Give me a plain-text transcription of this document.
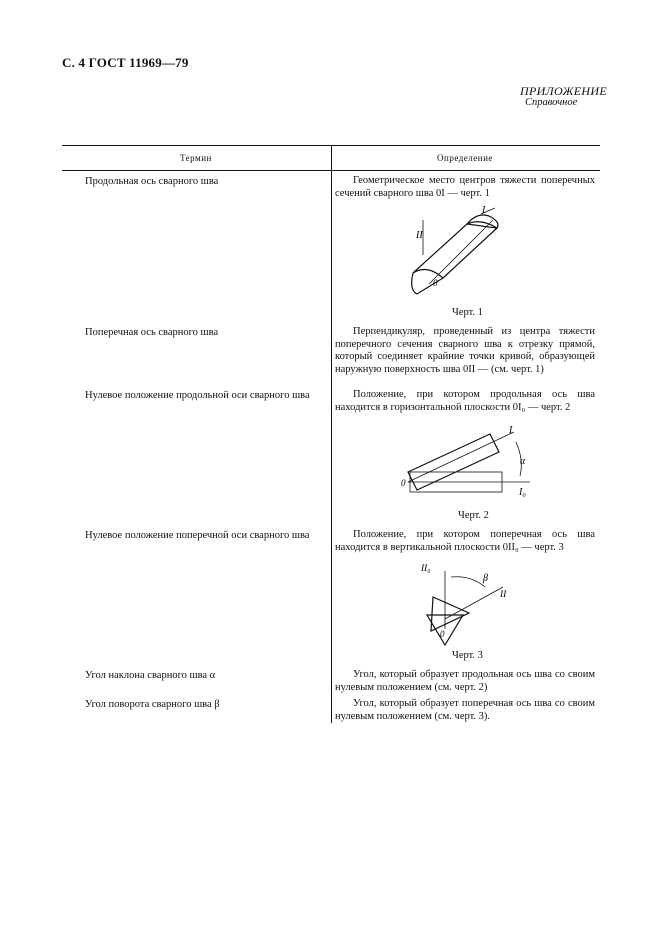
С. 4 ГОСТ 11969—79
ПРИЛОЖЕНИЕ
Справочное
Термин	Определение
Продольная ось сварного шва	Геометрическое место центров тяжести поперечных сечений сварного шва 0I — черт. 1

I
II
0
Черт. 1
Поперечная ось сварного шва	Перпендикуляр, проведенный из центра тяжести поперечного сечения сварного шва к отрезку прямой, который соединяет крайние точки кривой, образующей наружную поверхность шва 0II — (см. черт. 1)

Нулевое положение продольной оси сварного шва	Положение, при котором продольная ось шва находится в горизонтальной плоскости 0I₀ — черт. 2

I
0
α
I₀
Черт. 2
Нулевое положение поперечной оси сварного шва	Положение, при котором поперечная ось шва находится в вертикальной плоскости 0II₀ — черт. 3

II₀
β
II
0
Черт. 3
Угол наклона сварного шва α	Угол, который образует продольная ось шва со своим нулевым положением (см. черт. 2)

Угол поворота сварного шва β	Угол, который образует поперечная ось шва со своим нулевым положением (см. черт. 3).
